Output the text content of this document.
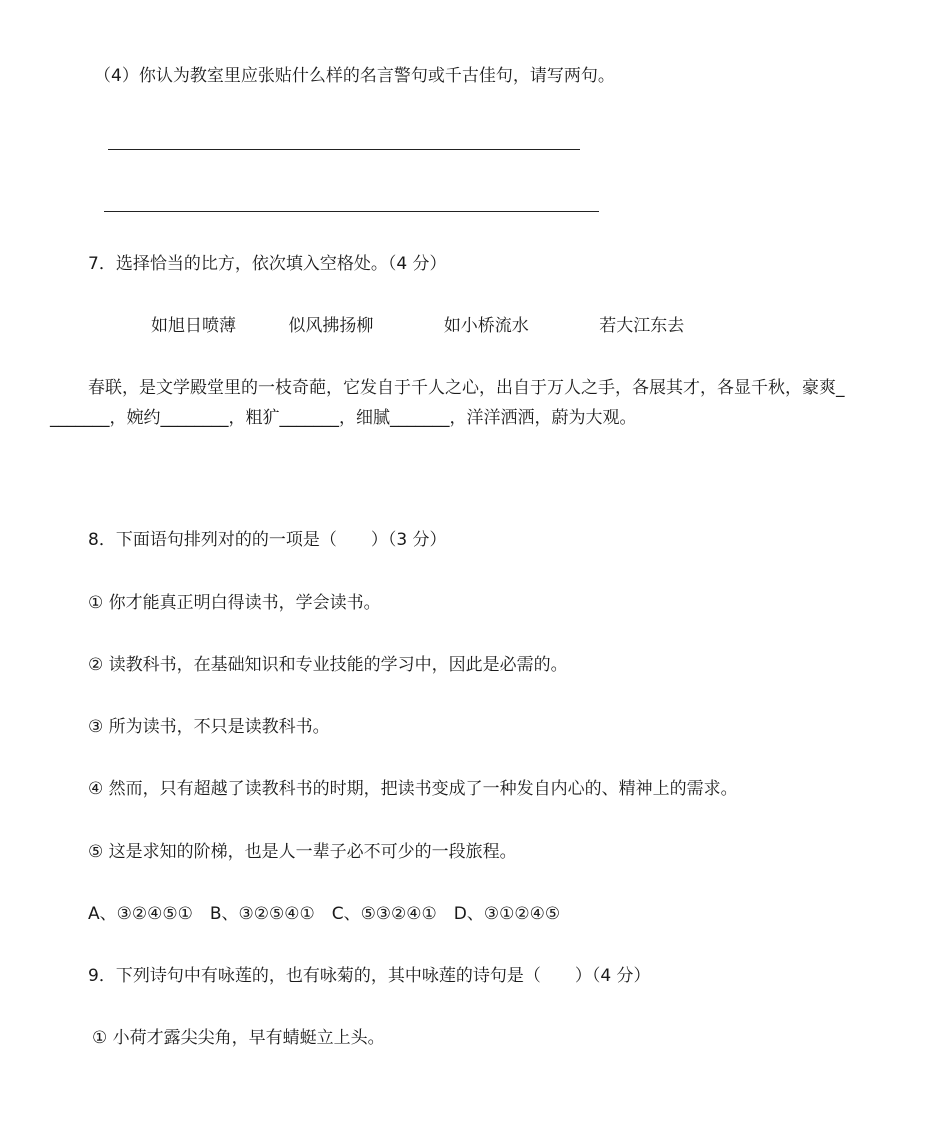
（4）你认为教室里应张贴什么样的名言警句或千古佳句，请写两句。
7．选择恰当的比方，依次填入空格处。（4 分）
如旭日喷薄	似风拂扬柳	如小桥流水	若大江东去
春联，是文学殿堂里的一枝奇葩，它发自于千人之心，出自于万人之手，各展其才，各显千秋，豪爽_
_______，婉约________，粗犷_______，细腻_______，洋洋洒洒，蔚为大观。
8．下面语句排列对的的一项是（　　）（3 分）
① 你才能真正明白得读书，学会读书。
② 读教科书，在基础知识和专业技能的学习中，因此是必需的。
③ 所为读书，不只是读教科书。
④ 然而，只有超越了读教科书的时期，把读书变成了一种发自内心的、精神上的需求。
⑤ 这是求知的阶梯，也是人一辈子必不可少的一段旅程。
A、③②④⑤①　B、③②⑤④①　C、⑤③②④①　D、③①②④⑤
9．下列诗句中有咏莲的，也有咏菊的，其中咏莲的诗句是（　　）（4 分）
① 小荷才露尖尖角，早有蜻蜓立上头。
